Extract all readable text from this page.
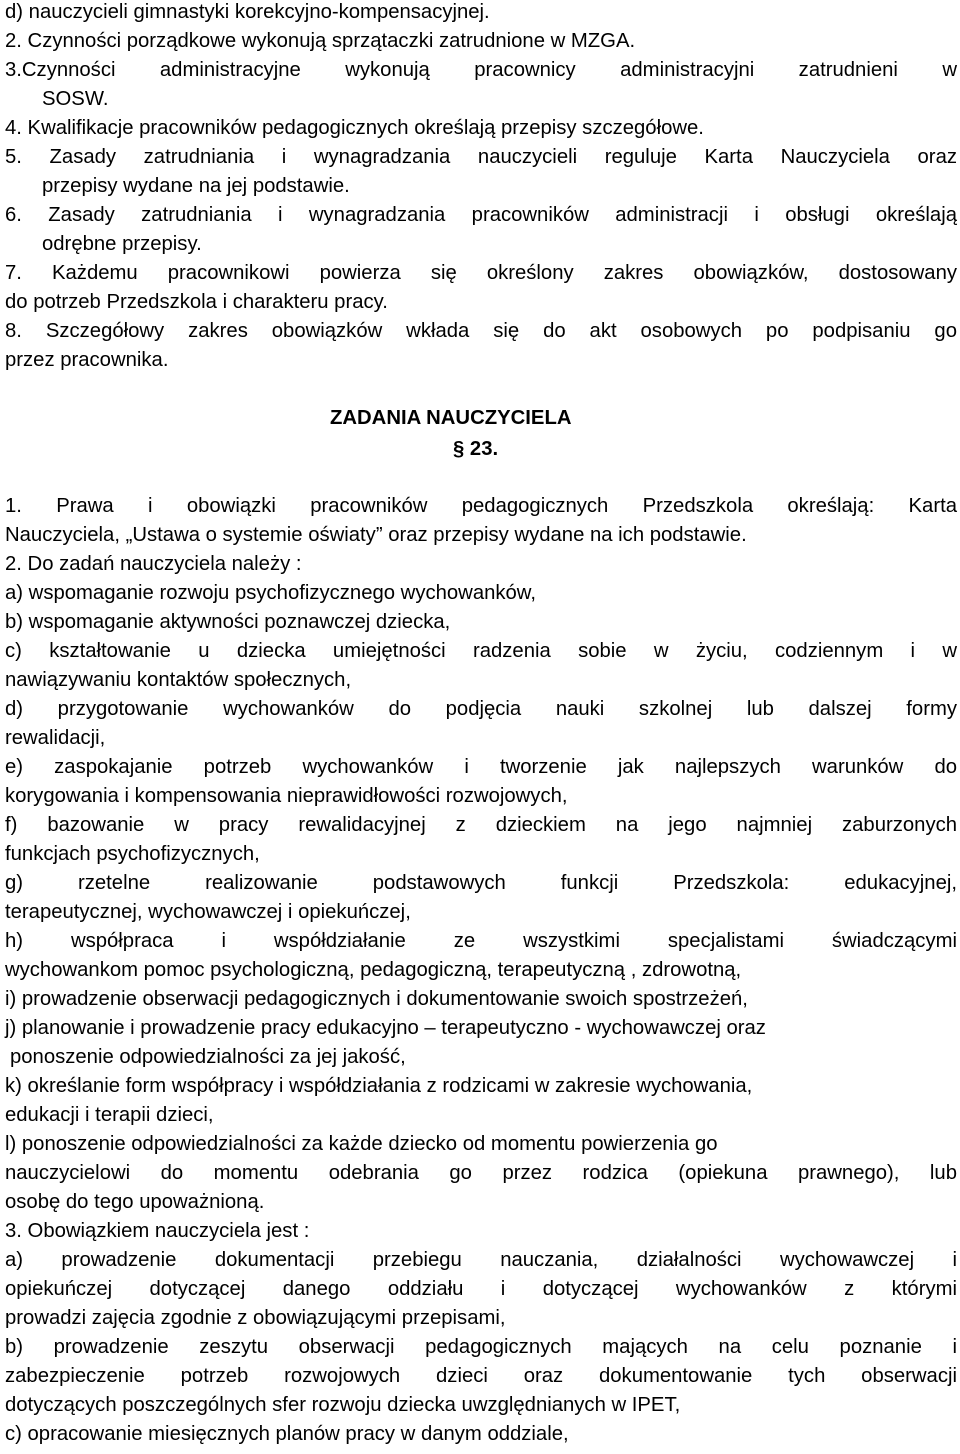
d) nauczycieli gimnastyki korekcyjno-kompensacyjnej.
2. Czynności porządkowe wykonują sprzątaczki zatrudnione w MZGA.
3.Czynności administracyjne wykonują pracownicy administracyjni zatrudnieni w
SOSW.
4. Kwalifikacje pracowników pedagogicznych określają przepisy szczegółowe.
5. Zasady zatrudniania i wynagradzania nauczycieli reguluje Karta Nauczyciela oraz
przepisy wydane na jej podstawie.
6. Zasady zatrudniania i wynagradzania pracowników administracji i obsługi określają
odrębne przepisy.
7. Każdemu pracownikowi powierza się określony zakres obowiązków, dostosowany
do potrzeb Przedszkola i charakteru pracy.
8. Szczegółowy zakres obowiązków wkłada się do akt osobowych po podpisaniu go
przez pracownika.
ZADANIA NAUCZYCIELA
§ 23.
1. Prawa i obowiązki pracowników pedagogicznych Przedszkola określają: Karta
Nauczyciela, „Ustawa o systemie oświaty” oraz przepisy wydane na ich podstawie.
2. Do zadań nauczyciela należy :
a) wspomaganie rozwoju psychofizycznego wychowanków,
b) wspomaganie aktywności poznawczej dziecka,
c) kształtowanie u dziecka umiejętności radzenia sobie w życiu, codziennym i w
nawiązywaniu kontaktów społecznych,
d) przygotowanie wychowanków do podjęcia nauki szkolnej lub dalszej formy
rewalidacji,
e) zaspokajanie potrzeb wychowanków i tworzenie jak najlepszych warunków do
korygowania i kompensowania nieprawidłowości rozwojowych,
f) bazowanie w pracy rewalidacyjnej z dzieckiem na jego najmniej zaburzonych
funkcjach psychofizycznych,
g) rzetelne realizowanie podstawowych funkcji Przedszkola: edukacyjnej,
terapeutycznej, wychowawczej i opiekuńczej,
h) współpraca i współdziałanie ze wszystkimi specjalistami świadczącymi
wychowankom pomoc psychologiczną, pedagogiczną, terapeutyczną , zdrowotną,
i) prowadzenie obserwacji pedagogicznych i dokumentowanie swoich spostrzeżeń,
j) planowanie i prowadzenie pracy edukacyjno – terapeutyczno - wychowawczej oraz
ponoszenie odpowiedzialności za jej jakość,
k) określanie form współpracy i współdziałania z rodzicami w zakresie wychowania,
edukacji i terapii dzieci,
l) ponoszenie odpowiedzialności za każde dziecko od momentu powierzenia go
nauczycielowi do momentu odebrania go przez rodzica (opiekuna prawnego), lub
osobę do tego upoważnioną.
3. Obowiązkiem nauczyciela jest :
a) prowadzenie dokumentacji przebiegu nauczania, działalności wychowawczej i
opiekuńczej dotyczącej danego oddziału i dotyczącej wychowanków z którymi
prowadzi zajęcia zgodnie z obowiązującymi przepisami,
b) prowadzenie zeszytu obserwacji pedagogicznych mających na celu poznanie i
zabezpieczenie potrzeb rozwojowych dzieci oraz dokumentowanie tych obserwacji
dotyczących poszczególnych sfer rozwoju dziecka uwzględnianych w IPET,
c) opracowanie miesięcznych planów pracy w danym oddziale,
